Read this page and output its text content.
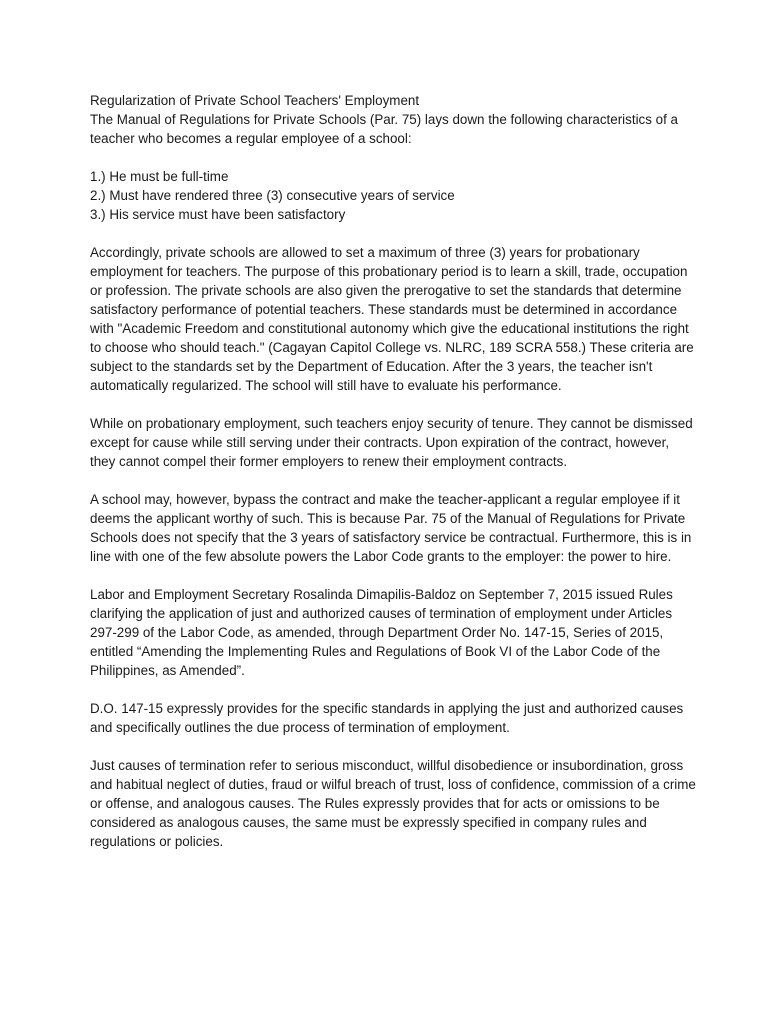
Regularization of Private School Teachers' Employment

The Manual of Regulations for Private Schools (Par. 75) lays down the following characteristics of a teacher who becomes a regular employee of a school:

1.) He must be full-time
2.) Must have rendered three (3) consecutive years of service
3.) His service must have been satisfactory

Accordingly, private schools are allowed to set a maximum of three (3) years for probationary employment for teachers. The purpose of this probationary period is to learn a skill, trade, occupation or profession. The private schools are also given the prerogative to set the standards that determine satisfactory performance of potential teachers. These standards must be determined in accordance with "Academic Freedom and constitutional autonomy which give the educational institutions the right to choose who should teach." (Cagayan Capitol College vs. NLRC, 189 SCRA 558.) These criteria are subject to the standards set by the Department of Education. After the 3 years, the teacher isn't automatically regularized. The school will still have to evaluate his performance.

While on probationary employment, such teachers enjoy security of tenure. They cannot be dismissed except for cause while still serving under their contracts. Upon expiration of the contract, however, they cannot compel their former employers to renew their employment contracts.

A school may, however, bypass the contract and make the teacher-applicant a regular employee if it deems the applicant worthy of such. This is because Par. 75 of the Manual of Regulations for Private Schools does not specify that the 3 years of satisfactory service be contractual. Furthermore, this is in line with one of the few absolute powers the Labor Code grants to the employer: the power to hire.

Labor and Employment Secretary Rosalinda Dimapilis-Baldoz on September 7, 2015 issued Rules clarifying the application of just and authorized causes of termination of employment under Articles 297-299 of the Labor Code, as amended, through Department Order No. 147-15, Series of 2015, entitled “Amending the Implementing Rules and Regulations of Book VI of the Labor Code of the Philippines, as Amended”.

D.O. 147-15 expressly provides for the specific standards in applying the just and authorized causes and specifically outlines the due process of termination of employment.

Just causes of termination refer to serious misconduct, willful disobedience or insubordination, gross and habitual neglect of duties, fraud or wilful breach of trust, loss of confidence, commission of a crime or offense, and analogous causes. The Rules expressly provides that for acts or omissions to be considered as analogous causes, the same must be expressly specified in company rules and regulations or policies.
